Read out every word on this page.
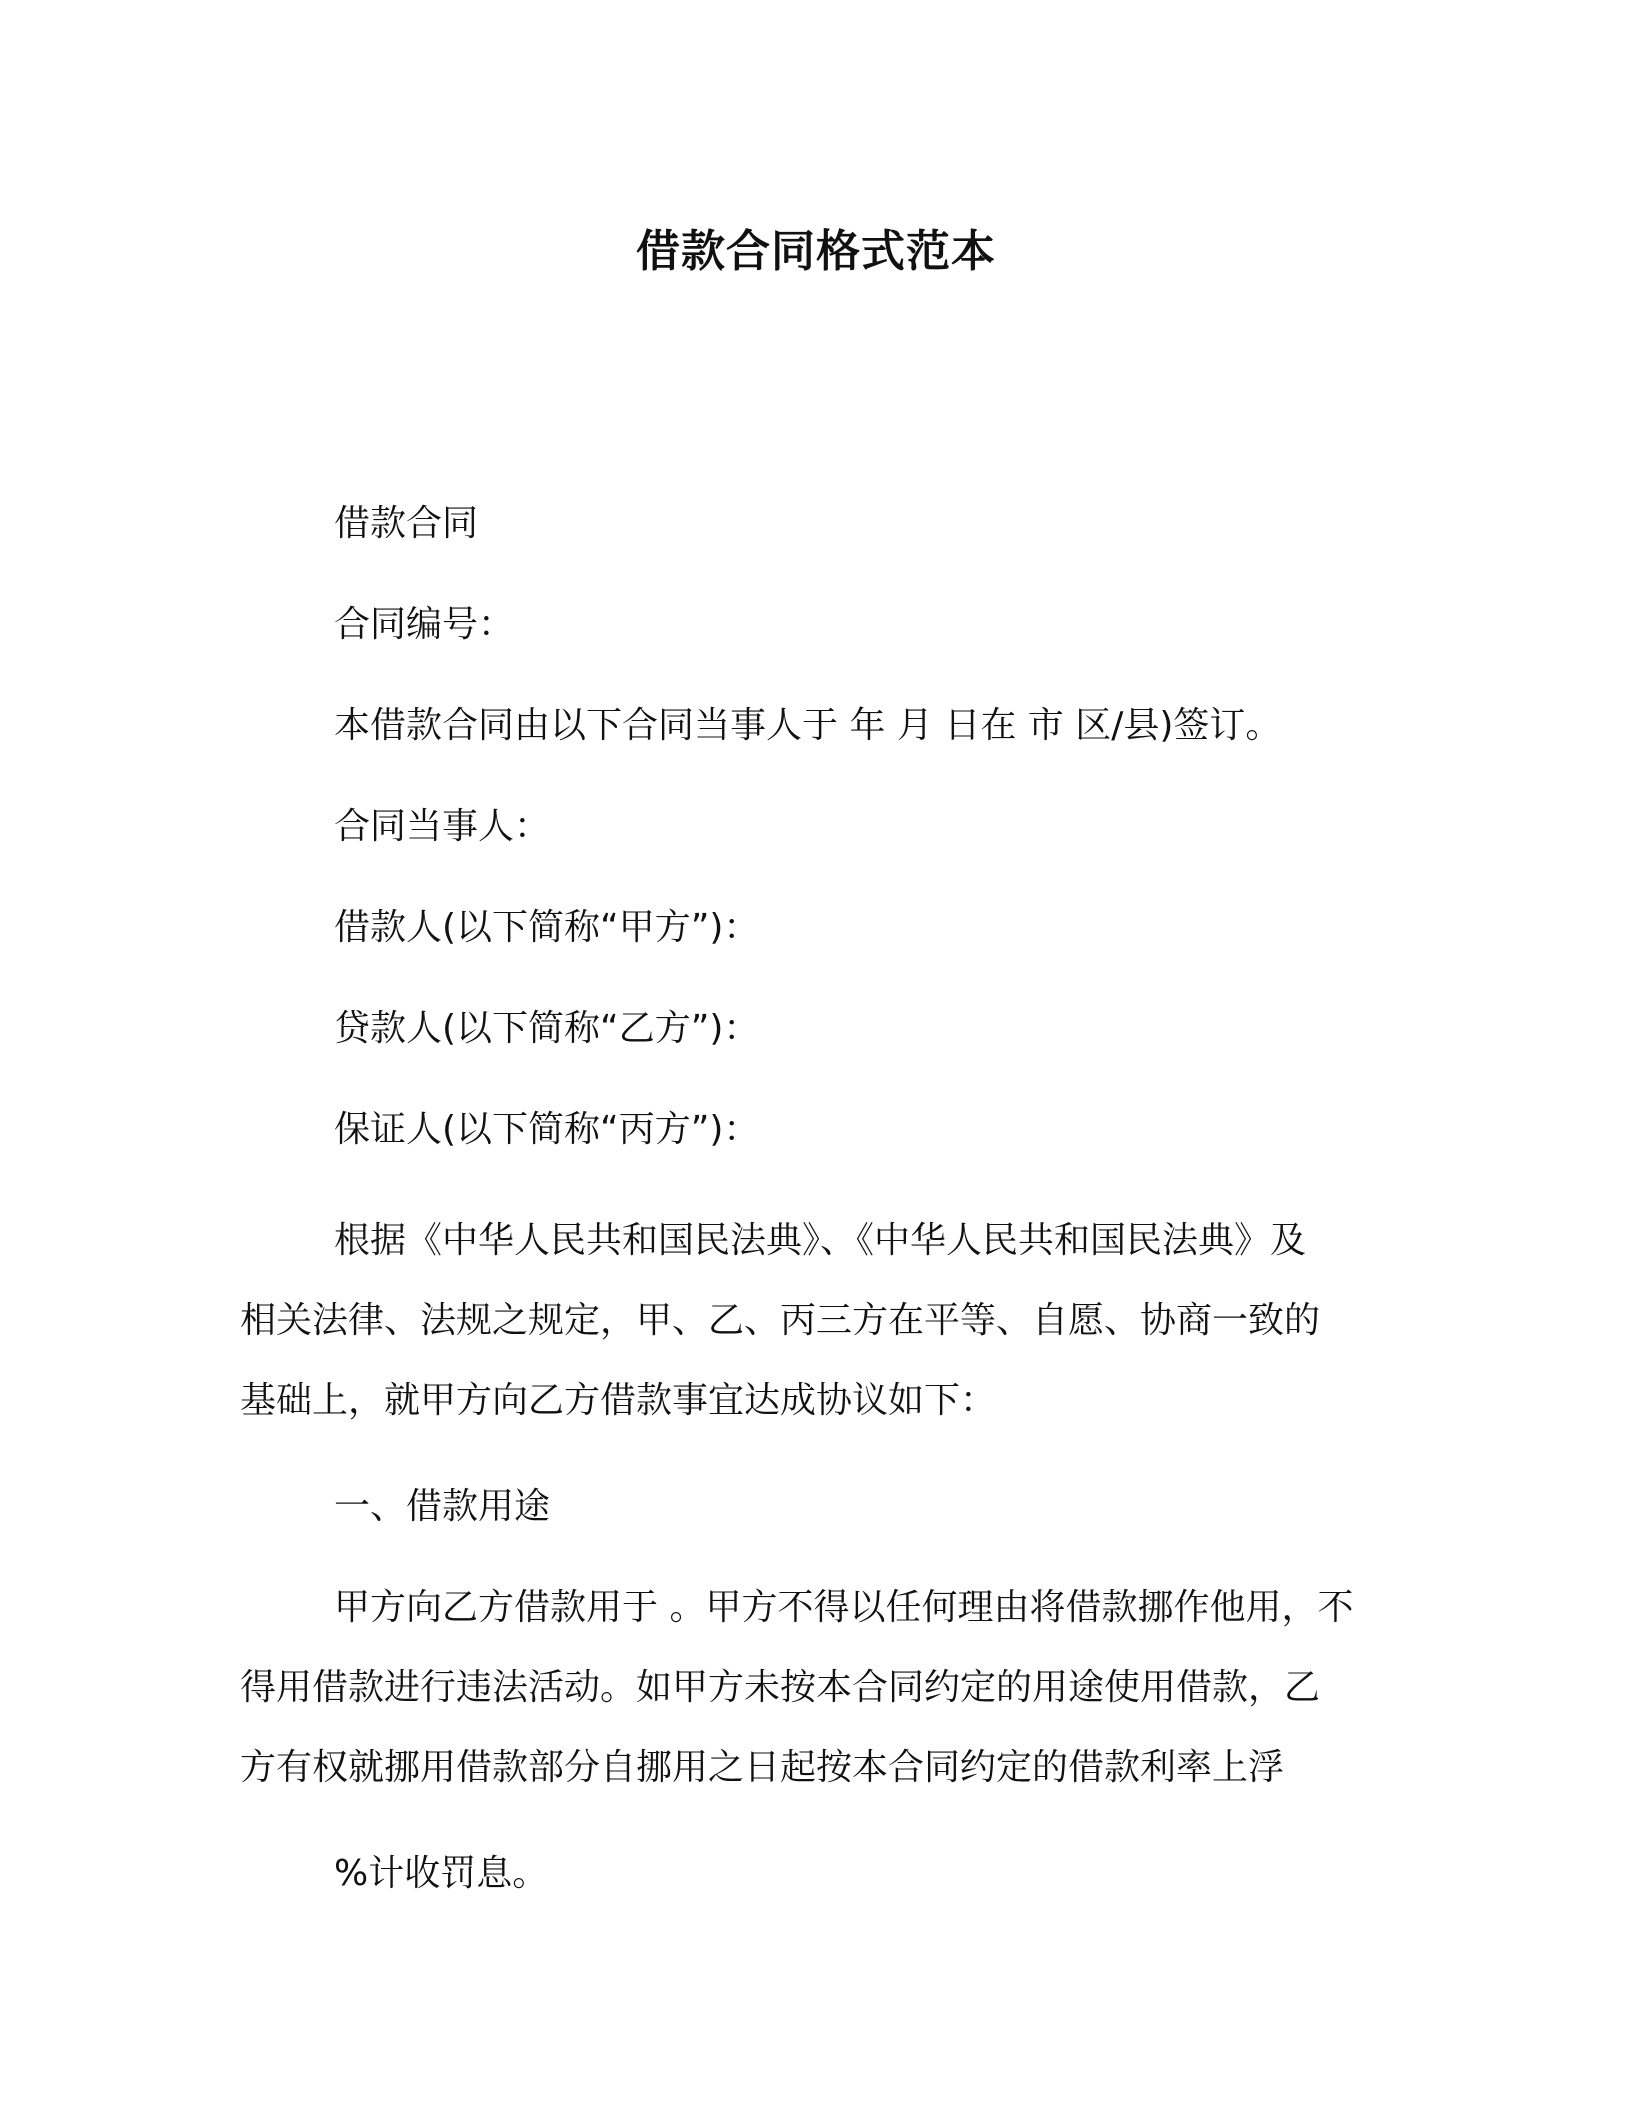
借款合同格式范本

借款合同

合同编号：

本借款合同由以下合同当事人于 年 月 日在 市 区/县)签订。

合同当事人：

借款人(以下简称“甲方”)：

贷款人(以下简称“乙方”)：

保证人(以下简称“丙方”)：

根据《中华人民共和国民法典》、《中华人民共和国民法典》及

相关法律、法规之规定，甲、乙、丙三方在平等、自愿、协商一致的

基础上，就甲方向乙方借款事宜达成协议如下：

一、借款用途

甲方向乙方借款用于 。甲方不得以任何理由将借款挪作他用，不

得用借款进行违法活动。如甲方未按本合同约定的用途使用借款，乙

方有权就挪用借款部分自挪用之日起按本合同约定的借款利率上浮

%计收罚息。
